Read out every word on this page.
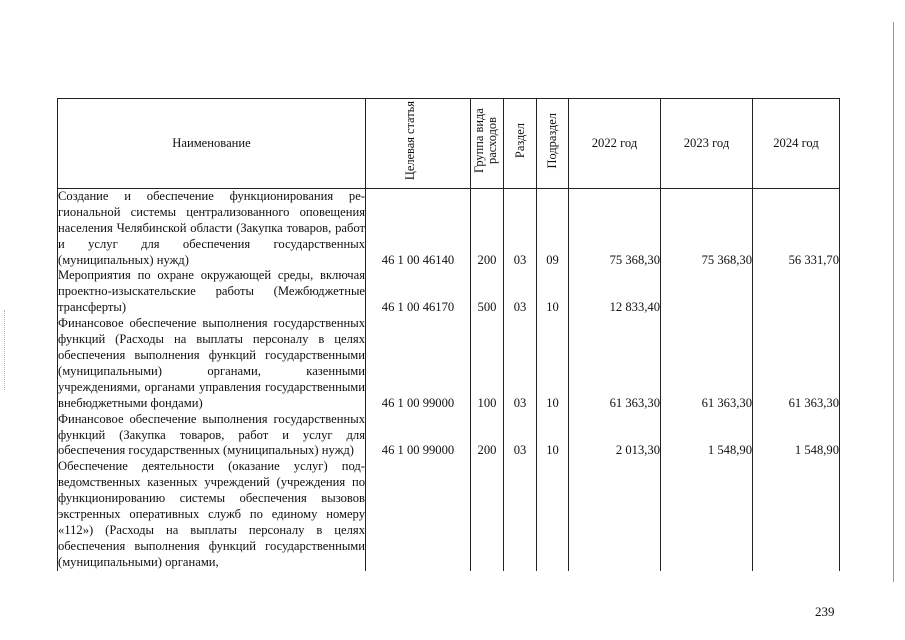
Наименование	Целевая статья	Группа вида расходов	Раздел	Подраздел	2022 год	2023 год	2024 год
Создание и обеспечение функционирования региональной системы централизованного оповещения населения Челябинской области (Закупка товаров, работ и услуг для обеспечения государственных (муниципальных) нужд)	46 1 00 46140	200	03	09	75 368,30	75 368,30	56 331,70
Мероприятия по охране окружающей среды, включая проектно-изыскательские работы (Межбюджетные трансферты)	46 1 00 46170	500	03	10	12 833,40		
Финансовое обеспечение выполнения государственных функций (Расходы на выплаты персоналу в целях обеспечения выполнения функций государственными (муниципальными) органами, казенными учреждениями, органами управления государственными внебюджетными фондами)	46 1 00 99000	100	03	10	61 363,30	61 363,30	61 363,30
Финансовое обеспечение выполнения государственных функций (Закупка товаров, работ и услуг для обеспечения государственных (муниципальных) нужд)	46 1 00 99000	200	03	10	2 013,30	1 548,90	1 548,90
Обеспечение деятельности (оказание услуг) подведомственных казенных учреждений (учреждения по функционированию системы обеспечения вызовов экстренных оперативных служб по единому номеру «112») (Расходы на выплаты персоналу в целях обеспечения выполнения функций государственными (муниципальными) органами,							
239
